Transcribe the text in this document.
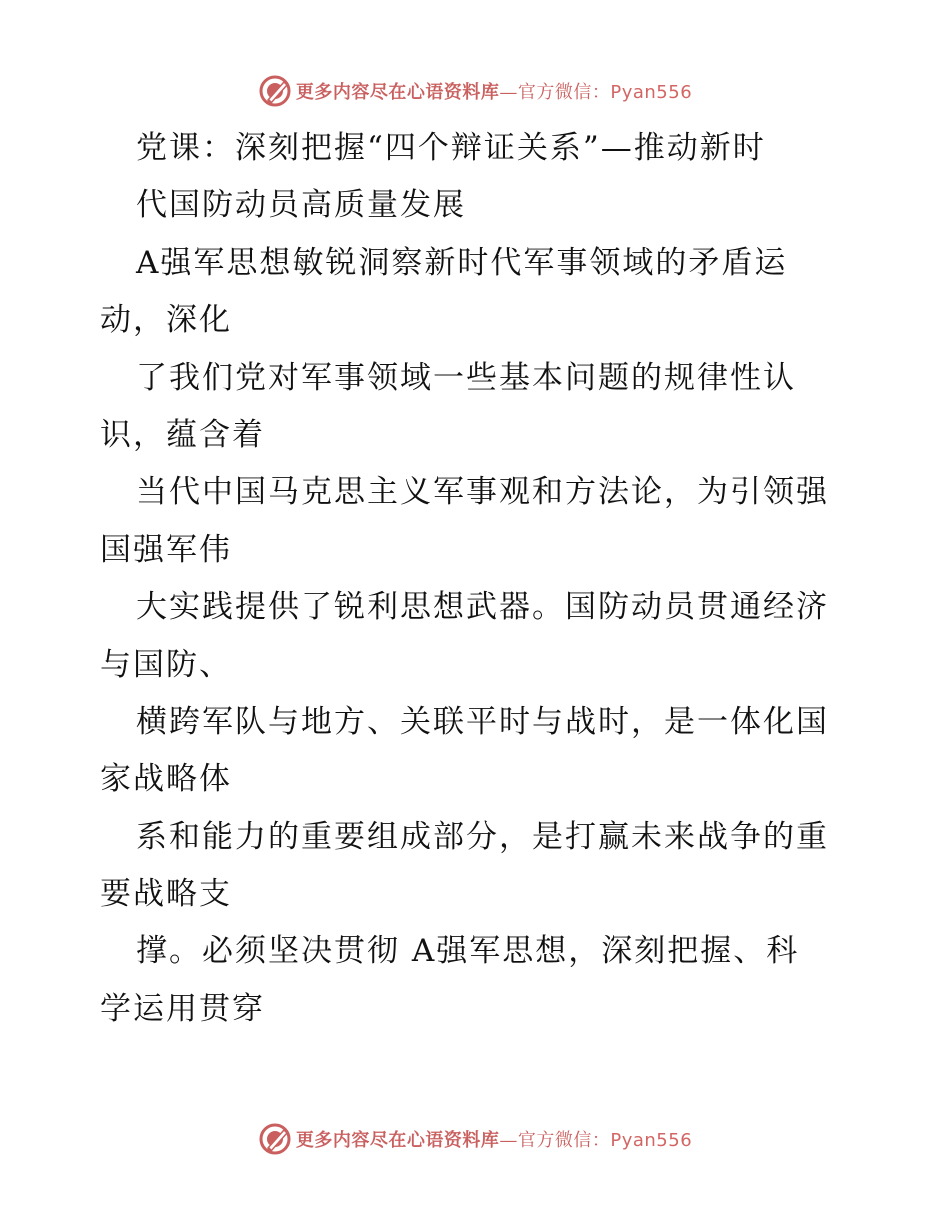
更多内容尽在心语资料库—官方微信：Pyan556
党课：深刻把握“四个辩证关系”—推动新时
代国防动员高质量发展
A强军思想敏锐洞察新时代军事领域的矛盾运
动，深化
了我们党对军事领域一些基本问题的规律性认
识，蕴含着
当代中国马克思主义军事观和方法论，为引领强
国强军伟
大实践提供了锐利思想武器。国防动员贯通经济
与国防、
横跨军队与地方、关联平时与战时，是一体化国
家战略体
系和能力的重要组成部分，是打赢未来战争的重
要战略支
撑。必须坚决贯彻 A强军思想，深刻把握、科
学运用贯穿
更多内容尽在心语资料库—官方微信：Pyan556
